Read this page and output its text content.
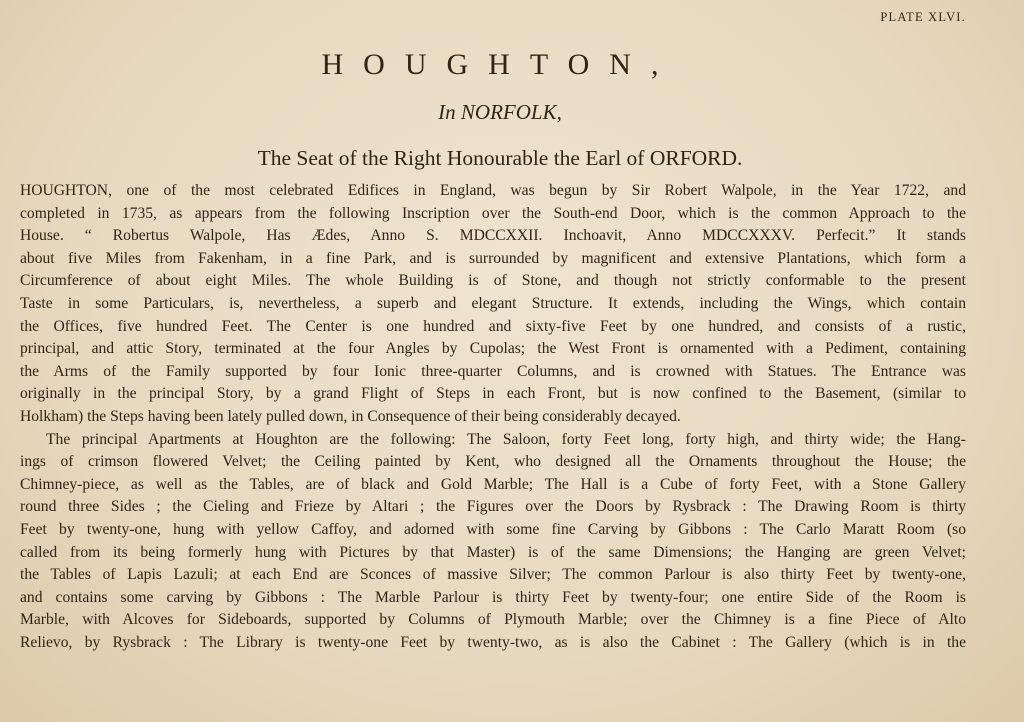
PLATE XLVI.
HOUGHTON,
In NORFOLK,
The Seat of the Right Honourable the Earl of ORFORD.
HOUGHTON, one of the most celebrated Edifices in England, was begun by Sir Robert Walpole, in the Year 1722, and
completed in 1735, as appears from the following Inscription over the South-end Door, which is the common Approach to the
House. “ Robertus Walpole, Has Ædes, Anno S. MDCCXXII. Inchoavit, Anno MDCCXXXV. Perfecit.” It stands
about five Miles from Fakenham, in a fine Park, and is surrounded by magnificent and extensive Plantations, which form a
Circumference of about eight Miles. The whole Building is of Stone, and though not strictly conformable to the present
Taste in some Particulars, is, nevertheless, a superb and elegant Structure. It extends, including the Wings, which contain
the Offices, five hundred Feet. The Center is one hundred and sixty-five Feet by one hundred, and consists of a rustic,
principal, and attic Story, terminated at the four Angles by Cupolas; the West Front is ornamented with a Pediment, containing
the Arms of the Family supported by four Ionic three-quarter Columns, and is crowned with Statues. The Entrance was
originally in the principal Story, by a grand Flight of Steps in each Front, but is now confined to the Basement, (similar to
Holkham) the Steps having been lately pulled down, in Consequence of their being considerably decayed.
The principal Apartments at Houghton are the following: The Saloon, forty Feet long, forty high, and thirty wide; the Hang-
ings of crimson flowered Velvet; the Ceiling painted by Kent, who designed all the Ornaments throughout the House; the
Chimney-piece, as well as the Tables, are of black and Gold Marble; The Hall is a Cube of forty Feet, with a Stone Gallery
round three Sides ; the Cieling and Frieze by Altari ; the Figures over the Doors by Rysbrack : The Drawing Room is thirty
Feet by twenty-one, hung with yellow Caffoy, and adorned with some fine Carving by Gibbons : The Carlo Maratt Room (so
called from its being formerly hung with Pictures by that Master) is of the same Dimensions; the Hanging are green Velvet;
the Tables of Lapis Lazuli; at each End are Sconces of massive Silver; The common Parlour is also thirty Feet by twenty-one,
and contains some carving by Gibbons : The Marble Parlour is thirty Feet by twenty-four; one entire Side of the Room is
Marble, with Alcoves for Sideboards, supported by Columns of Plymouth Marble; over the Chimney is a fine Piece of Alto
Relievo, by Rysbrack : The Library is twenty-one Feet by twenty-two, as is also the Cabinet : The Gallery (which is in the
